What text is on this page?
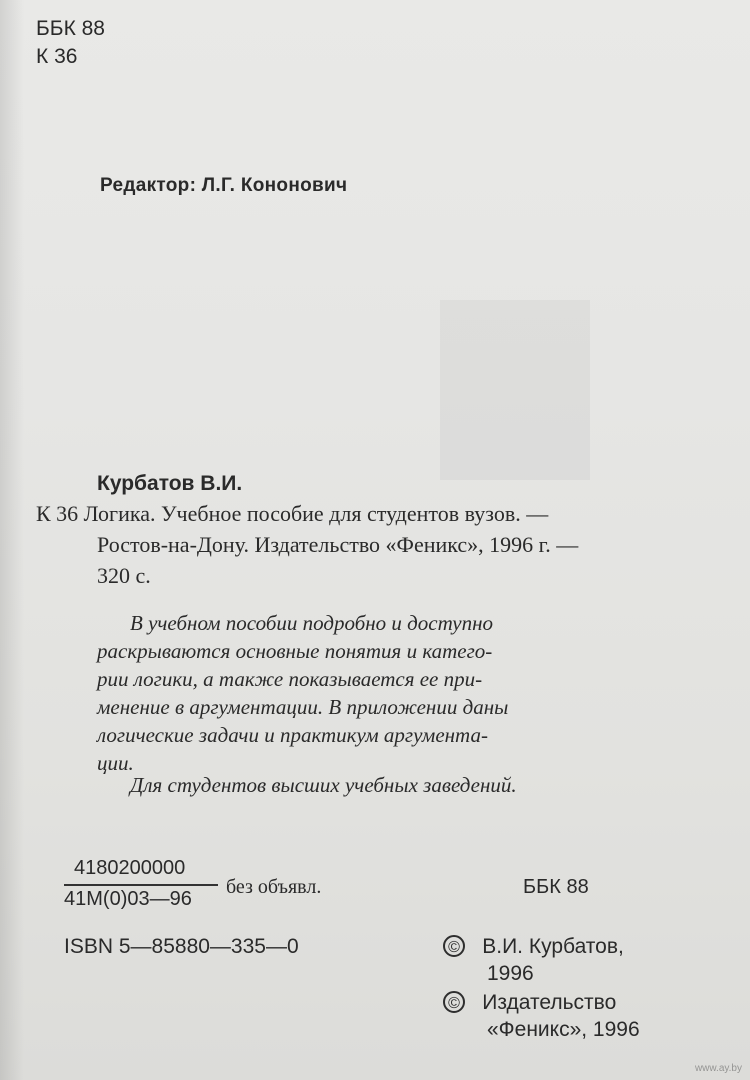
ББК 88
К 36
Редактор: Л.Г. Кононович
Курбатов В.И.
К 36 Логика. Учебное пособие для студентов вузов. —
Ростов-на-Дону. Издательство «Феникс», 1996 г. —
320 с.
В учебном пособии подробно и доступно
раскрываются основные понятия и катего-
рии логики, а также показывается ее при-
менение в аргументации. В приложении даны
логические задачи и практикум аргумента-
ции.
Для студентов высших учебных заведений.
4180200000
41М(0)03—96
без объявл.	ББК 88
ISBN 5—85880—335—0	© В.И. Курбатов,
1996
© Издательство
«Феникс», 1996
www.ay.by
